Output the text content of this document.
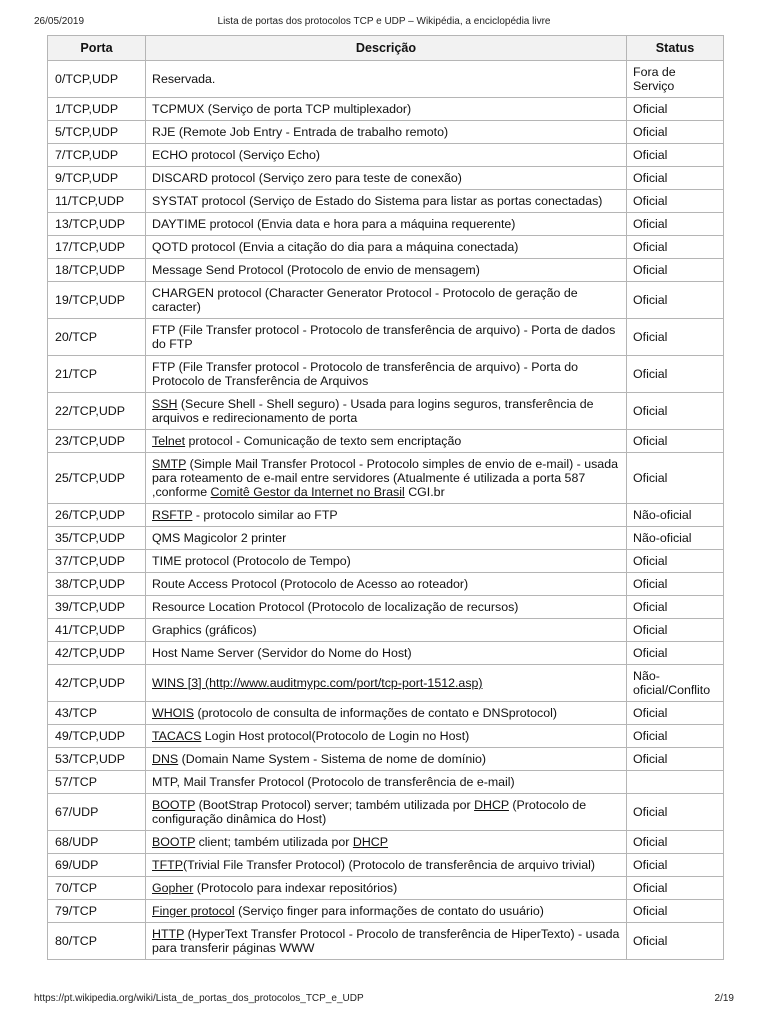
26/05/2019	Lista de portas dos protocolos TCP e UDP – Wikipédia, a enciclopédia livre
Porta	Descrição	Status
0/TCP,UDP	Reservada.	Fora de Serviço
1/TCP,UDP	TCPMUX (Serviço de porta TCP multiplexador)	Oficial
5/TCP,UDP	RJE (Remote Job Entry - Entrada de trabalho remoto)	Oficial
7/TCP,UDP	ECHO protocol (Serviço Echo)	Oficial
9/TCP,UDP	DISCARD protocol (Serviço zero para teste de conexão)	Oficial
11/TCP,UDP	SYSTAT protocol (Serviço de Estado do Sistema para listar as portas conectadas)	Oficial
13/TCP,UDP	DAYTIME protocol (Envia data e hora para a máquina requerente)	Oficial
17/TCP,UDP	QOTD protocol (Envia a citação do dia para a máquina conectada)	Oficial
18/TCP,UDP	Message Send Protocol (Protocolo de envio de mensagem)	Oficial
19/TCP,UDP	CHARGEN protocol (Character Generator Protocol - Protocolo de geração de caracter)	Oficial
20/TCP	FTP (File Transfer protocol - Protocolo de transferência de arquivo) - Porta de dados do FTP	Oficial
21/TCP	FTP (File Transfer protocol - Protocolo de transferência de arquivo) - Porta do Protocolo de Transferência de Arquivos	Oficial
22/TCP,UDP	SSH (Secure Shell - Shell seguro) - Usada para logins seguros, transferência de arquivos e redirecionamento de porta	Oficial
23/TCP,UDP	Telnet protocol - Comunicação de texto sem encriptação	Oficial
25/TCP,UDP	SMTP (Simple Mail Transfer Protocol - Protocolo simples de envio de e-mail) - usada para roteamento de e-mail entre servidores (Atualmente é utilizada a porta 587 ,conforme Comitê Gestor da Internet no Brasil CGI.br	Oficial
26/TCP,UDP	RSFTP - protocolo similar ao FTP	Não-oficial
35/TCP,UDP	QMS Magicolor 2 printer	Não-oficial
37/TCP,UDP	TIME protocol (Protocolo de Tempo)	Oficial
38/TCP,UDP	Route Access Protocol (Protocolo de Acesso ao roteador)	Oficial
39/TCP,UDP	Resource Location Protocol (Protocolo de localização de recursos)	Oficial
41/TCP,UDP	Graphics (gráficos)	Oficial
42/TCP,UDP	Host Name Server (Servidor do Nome do Host)	Oficial
42/TCP,UDP	WINS [3] (http://www.auditmypc.com/port/tcp-port-1512.asp)	Não-oficial/Conflito
43/TCP	WHOIS (protocolo de consulta de informações de contato e DNSprotocol)	Oficial
49/TCP,UDP	TACACS Login Host protocol(Protocolo de Login no Host)	Oficial
53/TCP,UDP	DNS (Domain Name System - Sistema de nome de domínio)	Oficial
57/TCP	MTP, Mail Transfer Protocol (Protocolo de transferência de e-mail)	
67/UDP	BOOTP (BootStrap Protocol) server; também utilizada por DHCP (Protocolo de configuração dinâmica do Host)	Oficial
68/UDP	BOOTP client; também utilizada por DHCP	Oficial
69/UDP	TFTP(Trivial File Transfer Protocol) (Protocolo de transferência de arquivo trivial)	Oficial
70/TCP	Gopher (Protocolo para indexar repositórios)	Oficial
79/TCP	Finger protocol (Serviço finger para informações de contato do usuário)	Oficial
80/TCP	HTTP (HyperText Transfer Protocol - Procolo de transferência de HiperTexto) - usada para transferir páginas WWW	Oficial
https://pt.wikipedia.org/wiki/Lista_de_portas_dos_protocolos_TCP_e_UDP	2/19
